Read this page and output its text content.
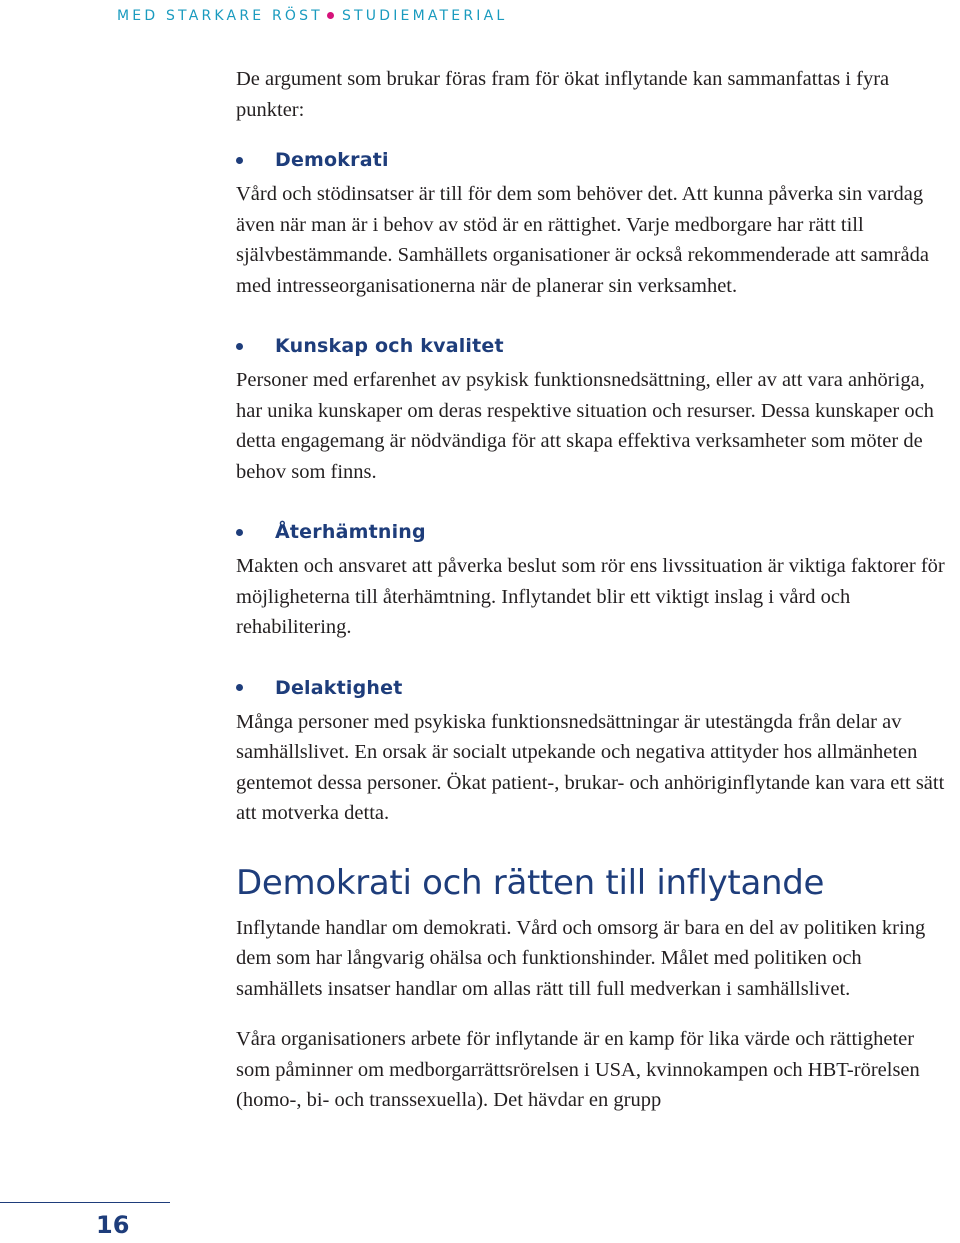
MED STARKARE RÖST STUDIEMATERIAL

De argument som brukar föras fram för ökat inflytande kan sammanfattas i fyra punkter:

Demokrati

Vård och stödinsatser är till för dem som behöver det. Att kunna påverka sin vardag även när man är i behov av stöd är en rättighet. Varje medborgare har rätt till självbestämmande. Samhällets organisationer är också rekommenderade att samråda med intresseorganisationerna när de planerar sin verksamhet.

Kunskap och kvalitet

Personer med erfarenhet av psykisk funktionsnedsättning, eller av att vara anhöriga, har unika kunskaper om deras respektive situation och resurser. Dessa kunskaper och detta engagemang är nödvändiga för att skapa effektiva verksamheter som möter de behov som finns.

Återhämtning

Makten och ansvaret att påverka beslut som rör ens livssituation är viktiga faktorer för möjligheterna till återhämtning. Inflytandet blir ett viktigt inslag i vård och rehabilitering.

Delaktighet

Många personer med psykiska funktionsnedsättningar är utestängda från delar av samhällslivet. En orsak är socialt utpekande och negativa attityder hos allmänheten gentemot dessa personer. Ökat patient-, brukar- och anhöriginflytande kan vara ett sätt att motverka detta.

Demokrati och rätten till inflytande

Inflytande handlar om demokrati. Vård och omsorg är bara en del av politiken kring dem som har långvarig ohälsa och funktionshinder. Målet med politiken och samhällets insatser handlar om allas rätt till full medverkan i samhällslivet.

Våra organisationers arbete för inflytande är en kamp för lika värde och rättigheter som påminner om medborgarrättsrörelsen i USA, kvinnokampen och HBT-rörelsen (homo-, bi- och transsexuella). Det hävdar en grupp

16
